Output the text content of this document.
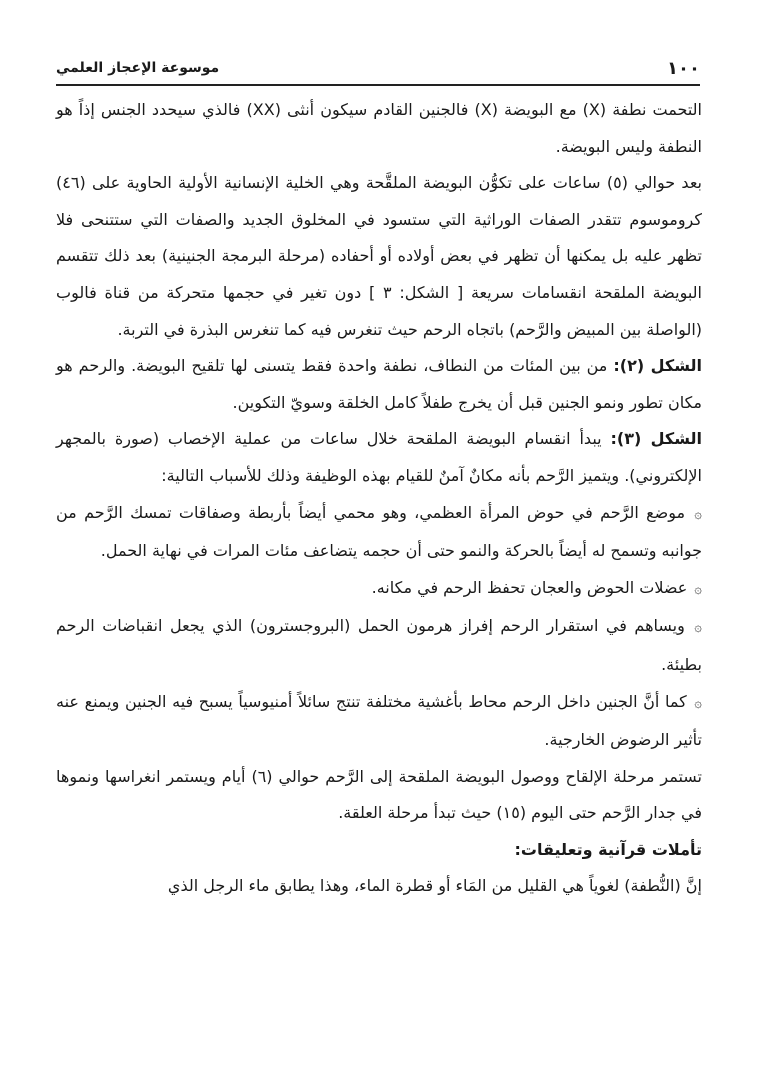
١٠٠
موسوعة الإعجاز العلمي

التحمت نطفة (X) مع البويضة (X) فالجنين القادم سيكون أنثى (XX) فالذي سيحدد الجنس إذاً هو النطفة وليس البويضة.

بعد حوالي (٥) ساعات على تكوُّن البويضة الملقَّحة وهي الخلية الإنسانية الأولية الحاوية على (٤٦) كروموسوم تتقدر الصفات الوراثية التي ستسود في المخلوق الجديد والصفات التي ستتنحى فلا تظهر عليه بل يمكنها أن تظهر في بعض أولاده أو أحفاده (مرحلة البرمجة الجنينية) بعد ذلك تتقسم البويضة الملقحة انقسامات سريعة [ الشكل: ٣ ] دون تغير في حجمها متحركة من قناة فالوب (الواصلة بين المبيض والرَّحم) باتجاه الرحم حيث تنغرس فيه كما تنغرس البذرة في التربة.

الشكل (٢): من بين المئات من النطاف، نطفة واحدة فقط يتسنى لها تلقيح البويضة. والرحم هو مكان تطور ونمو الجنين قبل أن يخرج طفلاً كامل الخلقة وسويّ التكوين.

الشكل (٣): يبدأ انقسام البويضة الملقحة خلال ساعات من عملية الإخصاب (صورة بالمجهر الإلكتروني). ويتميز الرَّحم بأنه مكانٌ آمنٌ للقيام بهذه الوظيفة وذلك للأسباب التالية:

۞ موضع الرَّحم في حوض المرأة العظمي، وهو محمي أيضاً بأربطة وصفاقات تمسك الرَّحم من جوانبه وتسمح له أيضاً بالحركة والنمو حتى أن حجمه يتضاعف مئات المرات في نهاية الحمل.

۞ عضلات الحوض والعجان تحفظ الرحم في مكانه.

۞ ويساهم في استقرار الرحم إفراز هرمون الحمل (البروجسترون) الذي يجعل انقباضات الرحم بطيئة.

۞ كما أنَّ الجنين داخل الرحم محاط بأغشية مختلفة تنتج سائلاً أمنيوسياً يسبح فيه الجنين ويمنع عنه تأثير الرضوض الخارجية.

تستمر مرحلة الإلقاح ووصول البويضة الملقحة إلى الرَّحم حوالي (٦) أيام ويستمر انغراسها ونموها في جدار الرَّحم حتى اليوم (١٥) حيث تبدأ مرحلة العلقة.

تأملات قرآنية وتعليقات:

إنَّ (النُّطفة) لغوياً هي القليل من المَاء أو قطرة الماء، وهذا يطابق ماء الرجل الذي
